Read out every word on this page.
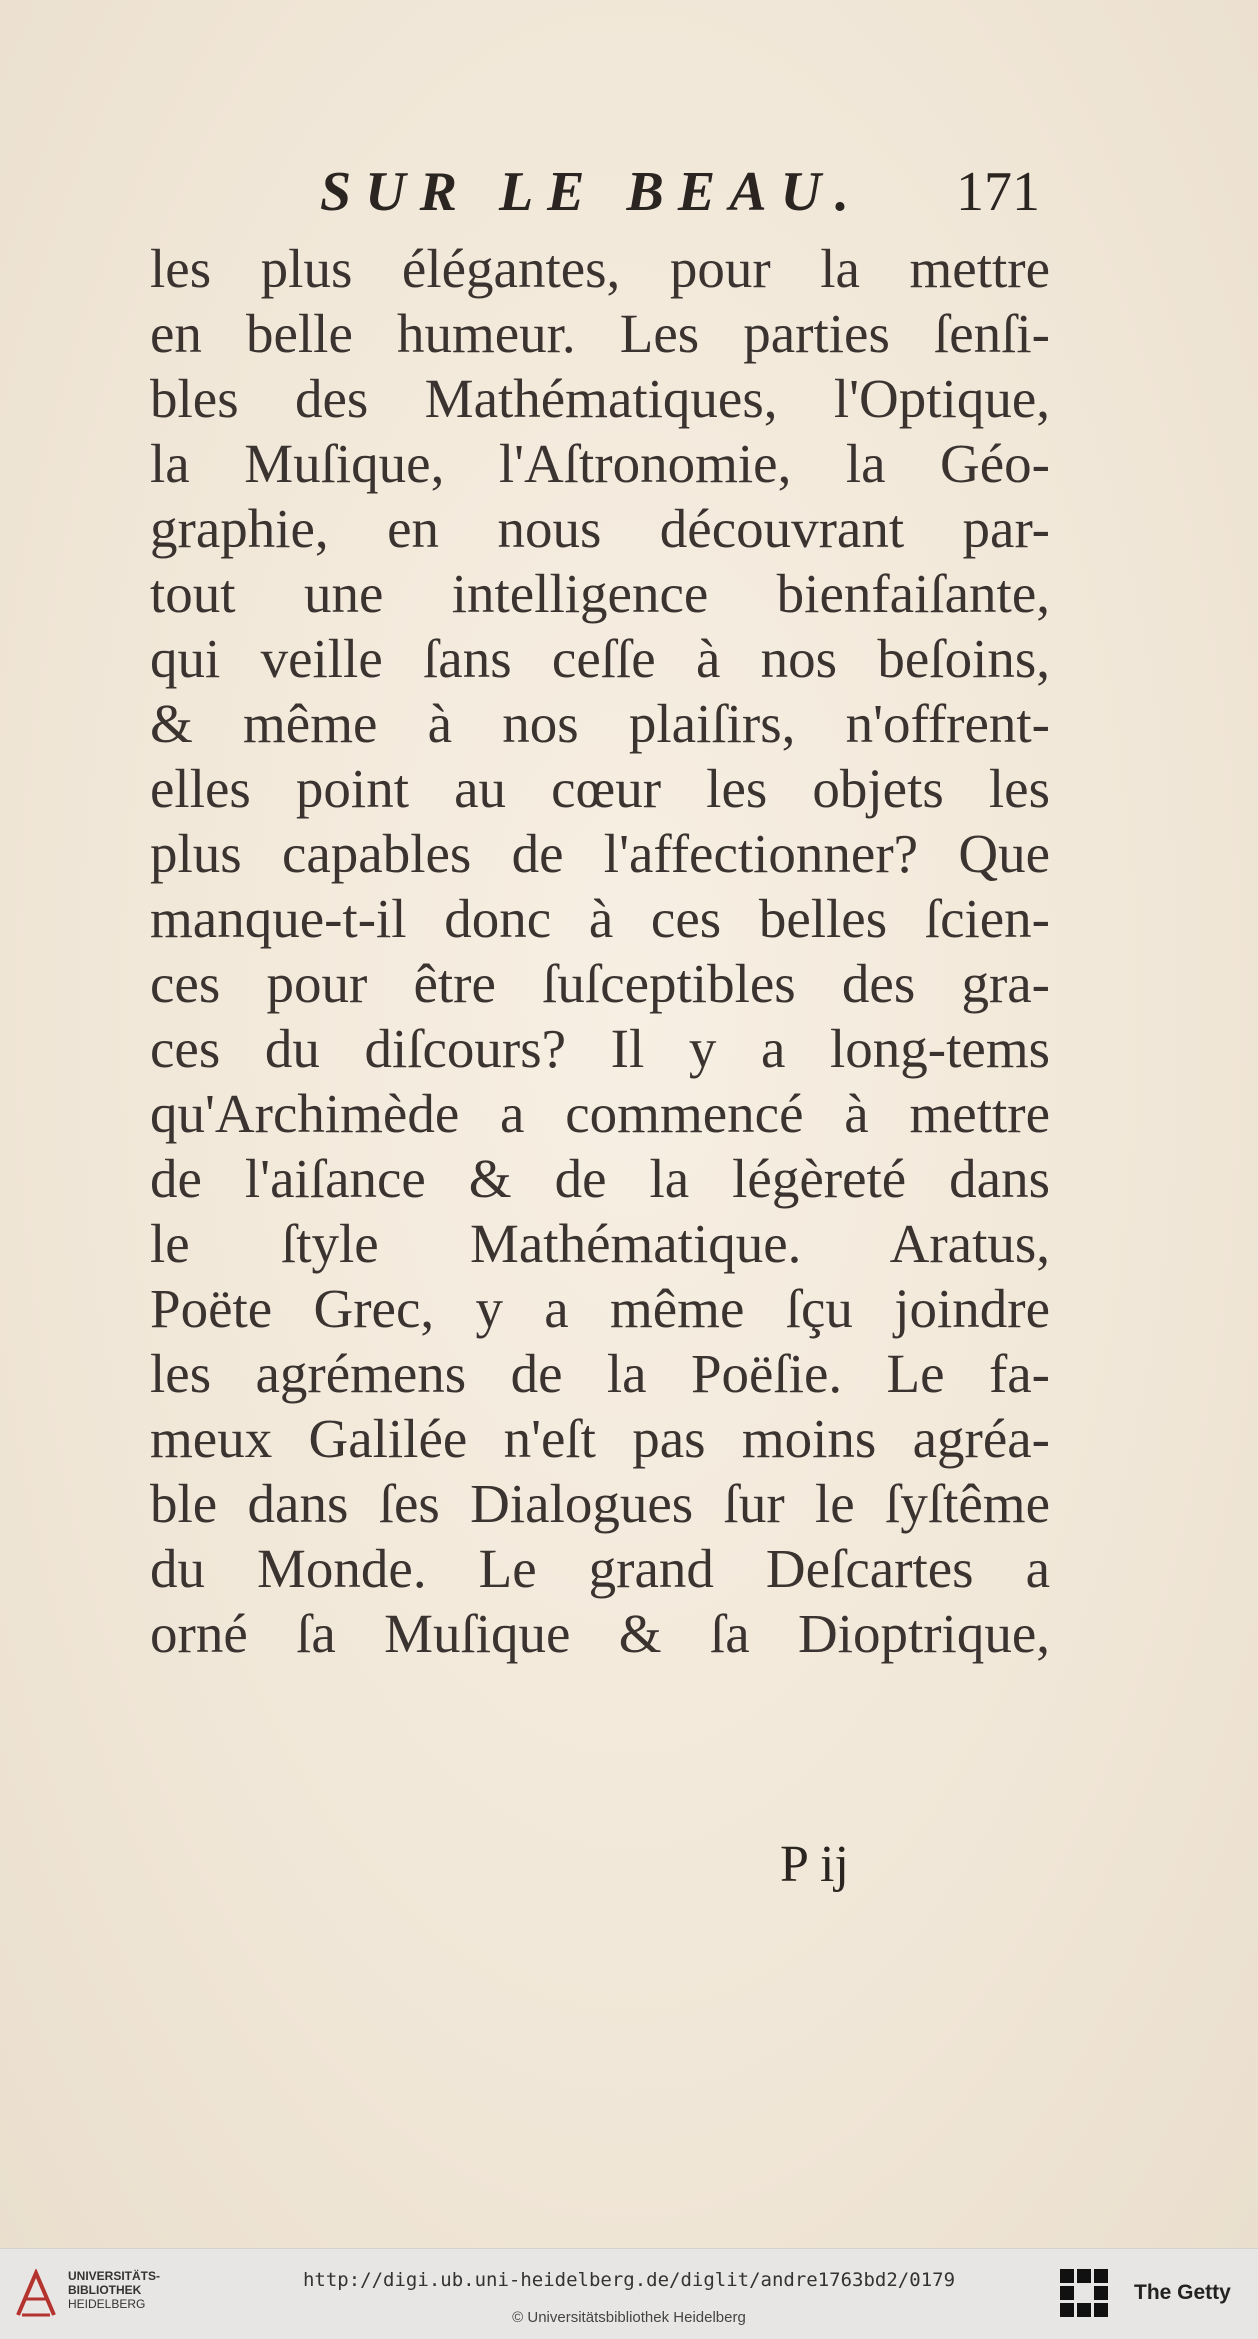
SUR LE BEAU. 171
les plus élégantes, pour la mettre
en belle humeur. Les parties ſenſi-
bles des Mathématiques, l'Optique,
la Muſique, l'Aſtronomie, la Géo-
graphie, en nous découvrant par-
tout une intelligence bienfaiſante,
qui veille ſans ceſſe à nos beſoins,
& même à nos plaiſirs, n'offrent-
elles point au cœur les objets les
plus capables de l'affectionner? Que
manque-t-il donc à ces belles ſcien-
ces pour être ſuſceptibles des gra-
ces du diſcours? Il y a long-tems
qu'Archimède a commencé à mettre
de l'aiſance & de la légèreté dans
le ſtyle Mathématique. Aratus,
Poëte Grec, y a même ſçu joindre
les agrémens de la Poëſie. Le fa-
meux Galilée n'eſt pas moins agréa-
ble dans ſes Dialogues ſur le ſyſtême
du Monde. Le grand Deſcartes a
orné ſa Muſique & ſa Dioptrique,
P ij
UNIVERSITÄTS-
BIBLIOTHEK
HEIDELBERG
http://digi.ub.uni-heidelberg.de/diglit/andre1763bd2/0179
© Universitätsbibliothek Heidelberg
The Getty
